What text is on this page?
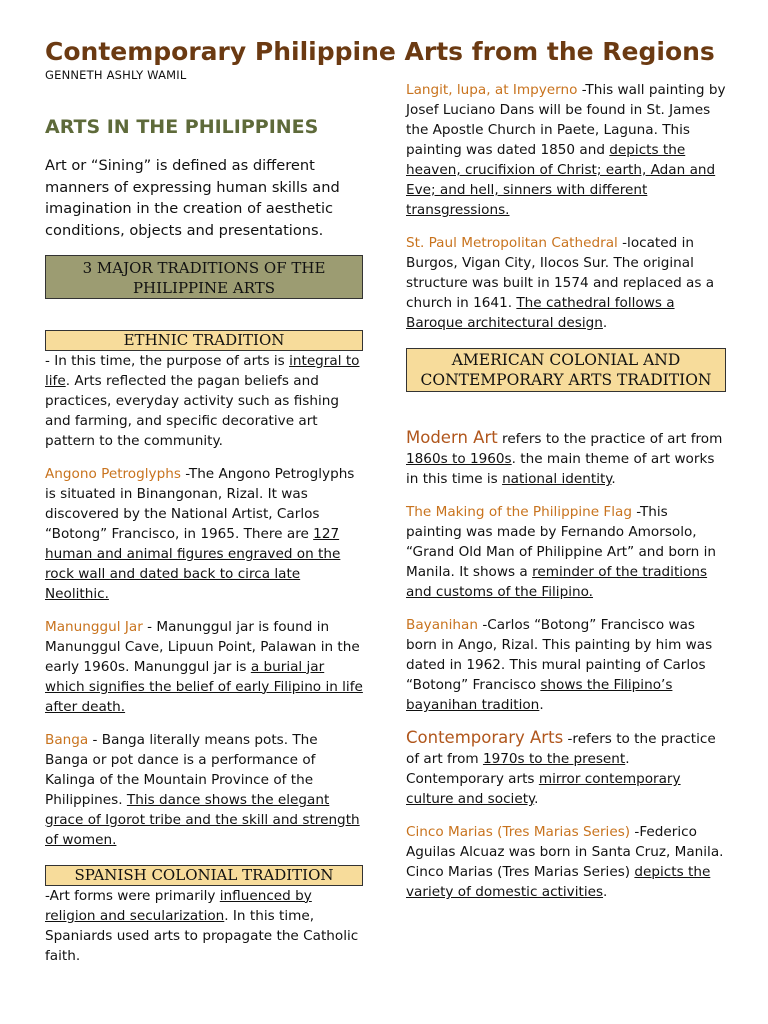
Contemporary Philippine Arts from the Regions
GENNETH ASHLY WAMIL
ARTS IN THE PHILIPPINES

Art or “Sining” is defined as different manners of expressing human skills and imagination in the creation of aesthetic conditions, objects and presentations.

3 MAJOR TRADITIONS OF THE PHILIPPINE ARTS
ETHNIC TRADITION

- In this time, the purpose of arts is integral to life. Arts reflected the pagan beliefs and practices, everyday activity such as fishing and farming, and specific decorative art pattern to the community.

Angono Petroglyphs -The Angono Petroglyphs is situated in Binangonan, Rizal. It was discovered by the National Artist, Carlos “Botong” Francisco, in 1965. There are 127 human and animal figures engraved on the rock wall and dated back to circa late Neolithic.

Manunggul Jar - Manunggul jar is found in Manunggul Cave, Lipuun Point, Palawan in the early 1960s. Manunggul jar is a burial jar which signifies the belief of early Filipino in life after death.

Banga - Banga literally means pots. The Banga or pot dance is a performance of Kalinga of the Mountain Province of the Philippines. This dance shows the elegant grace of Igorot tribe and the skill and strength of women.

SPANISH COLONIAL TRADITION

-Art forms were primarily influenced by religion and secularization. In this time, Spaniards used arts to propagate the Catholic faith.

Langit, lupa, at Impyerno -This wall painting by Josef Luciano Dans will be found in St. James the Apostle Church in Paete, Laguna. This painting was dated 1850 and depicts the heaven, crucifixion of Christ; earth, Adan and Eve; and hell, sinners with different transgressions.

St. Paul Metropolitan Cathedral -located in Burgos, Vigan City, Ilocos Sur. The original structure was built in 1574 and replaced as a church in 1641. The cathedral follows a Baroque architectural design.

AMERICAN COLONIAL AND CONTEMPORARY ARTS TRADITION

Modern Art refers to the practice of art from 1860s to 1960s. the main theme of art works in this time is national identity.

The Making of the Philippine Flag -This painting was made by Fernando Amorsolo, “Grand Old Man of Philippine Art” and born in Manila. It shows a reminder of the traditions and customs of the Filipino.

Bayanihan -Carlos “Botong” Francisco was born in Ango, Rizal. This painting by him was dated in 1962. This mural painting of Carlos “Botong” Francisco shows the Filipino’s bayanihan tradition.

Contemporary Arts -refers to the practice of art from 1970s to the present. Contemporary arts mirror contemporary culture and society.

Cinco Marias (Tres Marias Series) -Federico Aguilas Alcuaz was born in Santa Cruz, Manila. Cinco Marias (Tres Marias Series) depicts the variety of domestic activities.
